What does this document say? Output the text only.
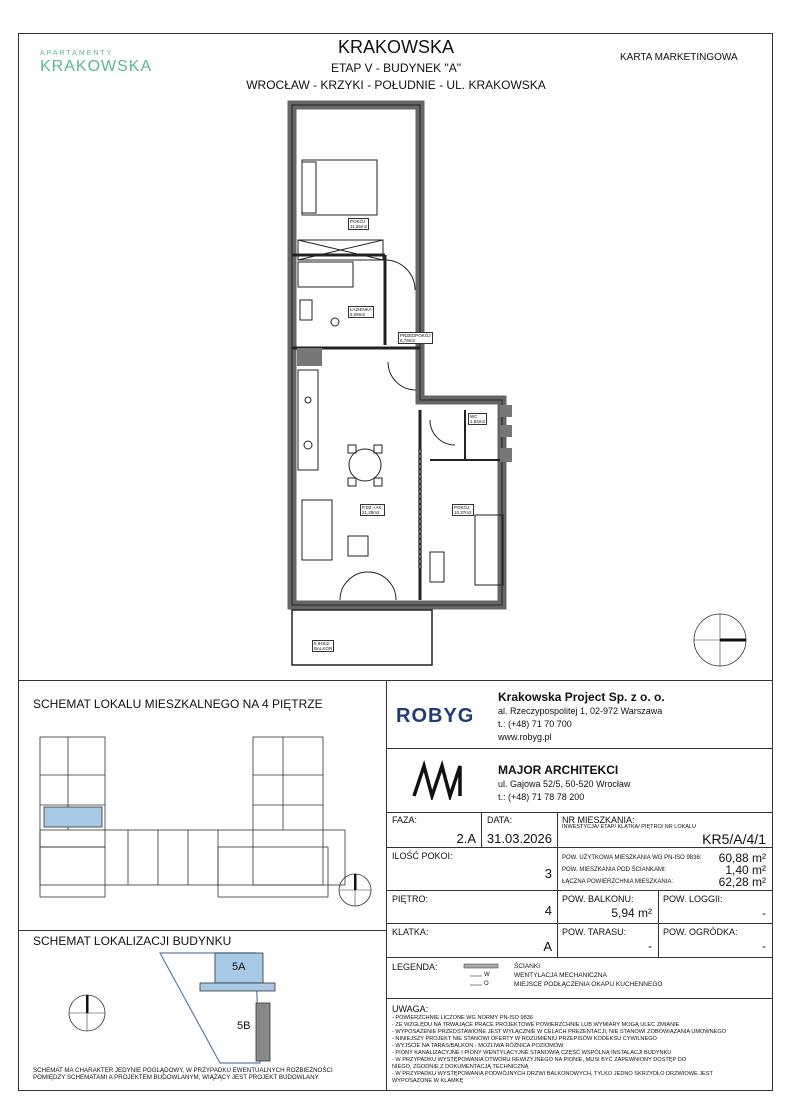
APARTAMENTY
KRAKOWSKA
KRAKOWSKA
ETAP V - BUDYNEK "A"
WROCŁAW - KRZYKI - POŁUDNIE - UL. KRAKOWSKA
KARTA MARKETINGOWA
POKÓJ
11,56m2
ŁAZIENKA
5,08m2
PRZEDPOKÓJ
6,79m2
WC
1,84m2
P.DZ.+AK.
21,28m2
POKÓJ
10,37m2
5,94m2
BALKON
SCHEMAT LOKALU MIESZKALNEGO NA 4 PIĘTRZE
SCHEMAT LOKALIZACJI BUDYNKU
5A
5B
SCHEMAT MA CHARAKTER JEDYNIE POGLĄDOWY, W PRZYPADKU EWENTUALNYCH ROZBIEŻNOŚCI POMIĘDZY SCHEMATAMI A PROJEKTEM BUDOWLANYM, WIĄŻĄCY JEST PROJEKT BUDOWLANY.
ROBYG
Krakowska Project Sp. z o. o.
al. Rzeczypospolitej 1, 02-972 Warszawa
t.: (+48) 71 70 700
www.robyg.pl
MAJOR ARCHITEKCI
ul. Gajowa 52/5, 50-520 Wrocław
t.: (+48) 71 78 78 200
FAZA:
2.A
DATA:
31.03.2026
NR MIESZKANIA:
INWESTYCJA/ ETAP/ KLATKA/ PIĘTRO/ NR LOKALU
KR5/A/4/1
ILOŚĆ POKOI:
3
POW. UŻYTKOWA MIESZKANIA WG PN-ISO 9836:	60,88 m²
POW. MIESZKANIA POD ŚCIANKAMI:	1,40 m²
ŁĄCZNA POWIERZCHNIA MIESZKANIA:	62,28 m²
PIĘTRO:
4
POW. BALKONU:
5,94 m²
POW. LOGGII:
-
KLATKA:
A
POW. TARASU:
-
POW. OGRÓDKA:
-
LEGENDA:
W
O
ŚCIANKI
WENTYLACJA MECHANICZNA
MIEJSCE PODŁĄCZENIA OKAPU KUCHENNEGO
UWAGA:
- POWIERZCHNIE LICZONE WG NORMY PN-ISO 9836
- ZE WZGLĘDU NA TRWAJĄCE PRACE PROJEKTOWE POWIERZCHNIE LUB WYMIARY MOGĄ ULEC ZMIANIE
- WYPOSAŻENIE PRZEDSTAWIONE JEST WYŁĄCZNIE W CELACH PREZENTACJI, NIE STANOWI ZOBOWIĄZANIA UMOWNEGO
- NINIEJSZY PROJEKT NIE STANOWI OFERTY W ROZUMIENIU PRZEPISÓW KODEKSU CYWILNEGO
- WYJŚCIE NA TARAS/BALKON - MOŻLIWA RÓŻNICA POZIOMÓW
- PIONY KANALIZACYJNE I PIONY WENTYLACYJNE STANOWIĄ CZĘŚĆ WSPÓLNĄ INSTALACJI BUDYNKU
- W PRZYPADKU WYSTĘPOWANIA OTWORU REWIZYJNEGO NA PIONIE, MUSI BYĆ ZAPEWNIONY DOSTĘP DO
NIEGO, ZGODNIE Z DOKUMENTACJĄ TECHNICZNĄ
- W PRZYPADKU WYSTĘPOWANIA PODWÓJNYCH DRZWI BALKONOWYCH, TYLKO JEDNO SKRZYDŁO DRZWIOWE JEST
WYPOSAŻONE W KLAMKĘ
